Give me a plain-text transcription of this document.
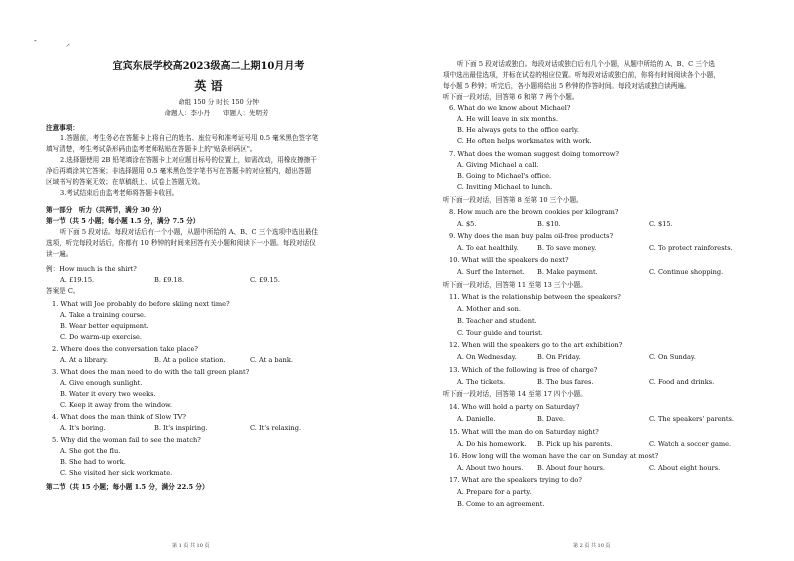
-	⸝
宜宾东辰学校高2023级高二上期10月月考
英 语
命组 150 分 时长 150 分钟
命题人：李小丹　　审题人：先明芳
注意事项：
1.答题前，考生务必在答题卡上将自己的姓名、座位号和准考证号用 0.5 毫米黑色签字笔
填写清楚，考生考试条形码由监考老师粘贴在答题卡上的"贴条形码区"。
2.选择题使用 2B 铅笔填涂在答题卡上对应题目标号的位置上，如需改动，用橡皮擦擦干
净后再填涂其它答案；非选择题用 0.5 毫米黑色签字笔书写在答题卡的对应框内，超出答题
区域书写的答案无效；在草稿纸上、试卷上答题无效。
3.考试结束后由监考老师将答题卡收回。
第一部分　听力（共两节，满分 30 分）
第一节（共 5 小题；每小题 1.5 分，满分 7.5 分）
听下面 5 段对话。每段对话后有一个小题，从题中所给的 A、B、C 三个选项中选出最佳
选项，听完每段对话后，你都有 10 秒钟的时间来回答有关小题和阅读下一小题。每段对话仅
读一遍。
例：How much is the shirt?
A. £19.15.	B. £9.18.	C. £9.15.
答案是 C。
1. What will Joe probably do before skiing next time?
A. Take a training course.
B. Wear better equipment.
C. Do warm-up exercise.
2. Where does the conversation take place?
A. At a library.	B. At a police station.	C. At a bank.
3. What does the man need to do with the tall green plant?
A. Give enough sunlight.
B. Water it every two weeks.
C. Keep it away from the window.
4. What does the man think of Slow TV?
A. It's boring.	B. It's inspiring.	C. It's relaxing.
5. Why did the woman fail to see the match?
A. She got the flu.
B. She had to work.
C. She visited her sick workmate.
第二节（共 15 小题；每小题 1.5 分，满分 22.5 分）
第 1 页 共 10 页
听下面 5 段对话或独白。每段对话或独白后有几个小题，从题中所给的 A、B、C 三个选
项中选出最佳选项，并标在试卷的相应位置。听每段对话或独白前，你将有时间阅读各个小题，
每小题 5 秒钟；听完后，各小题将给出 5 秒钟的作答时间。每段对话或独白读两遍。
听下面一段对话，回答第 6 和第 7 两个小题。
6. What do we know about Michael?
A. He will leave in six months.
B. He always gets to the office early.
C. He often helps workmates with work.
7. What does the woman suggest doing tomorrow?
A. Giving Michael a call.
B. Going to Michael's office.
C. Inviting Michael to lunch.
听下面一段对话，回答第 8 至第 10 三个小题。
8. How much are the brown cookies per kilogram?
A. $5.	B. $10.	C. $15.
9. Why does the man buy palm oil-free products?
A. To eat healthily.	B. To save money.	C. To protect rainforests.
10. What will the speakers do next?
A. Surf the Internet. B. Make payment.	C. Continue shopping.
听下面一段对话，回答第 11 至第 13 三个小题。
11. What is the relationship between the speakers?
A. Mother and son.
B. Teacher and student.
C. Tour guide and tourist.
12. When will the speakers go to the art exhibition?
A. On Wednesday.	B. On Friday.	C. On Sunday.
13. Which of the following is free of charge?
A. The tickets.	B. The bus fares.	C. Food and drinks.
听下面一段对话，回答第 14 至第 17 四个小题。
14. Who will hold a party on Saturday?
A. Danielle.	B. Dave.	C. The speakers' parents.
15. What will the man do on Saturday night?
A. Do his homework. B. Pick up his parents.	C. Watch a soccer game.
16. How long will the woman have the car on Sunday at most?
A. About two hours. B. About four hours.	C. About eight hours.
17. What are the speakers trying to do?
A. Prepare for a party.
B. Come to an agreement.
第 2 页 共 10 页
